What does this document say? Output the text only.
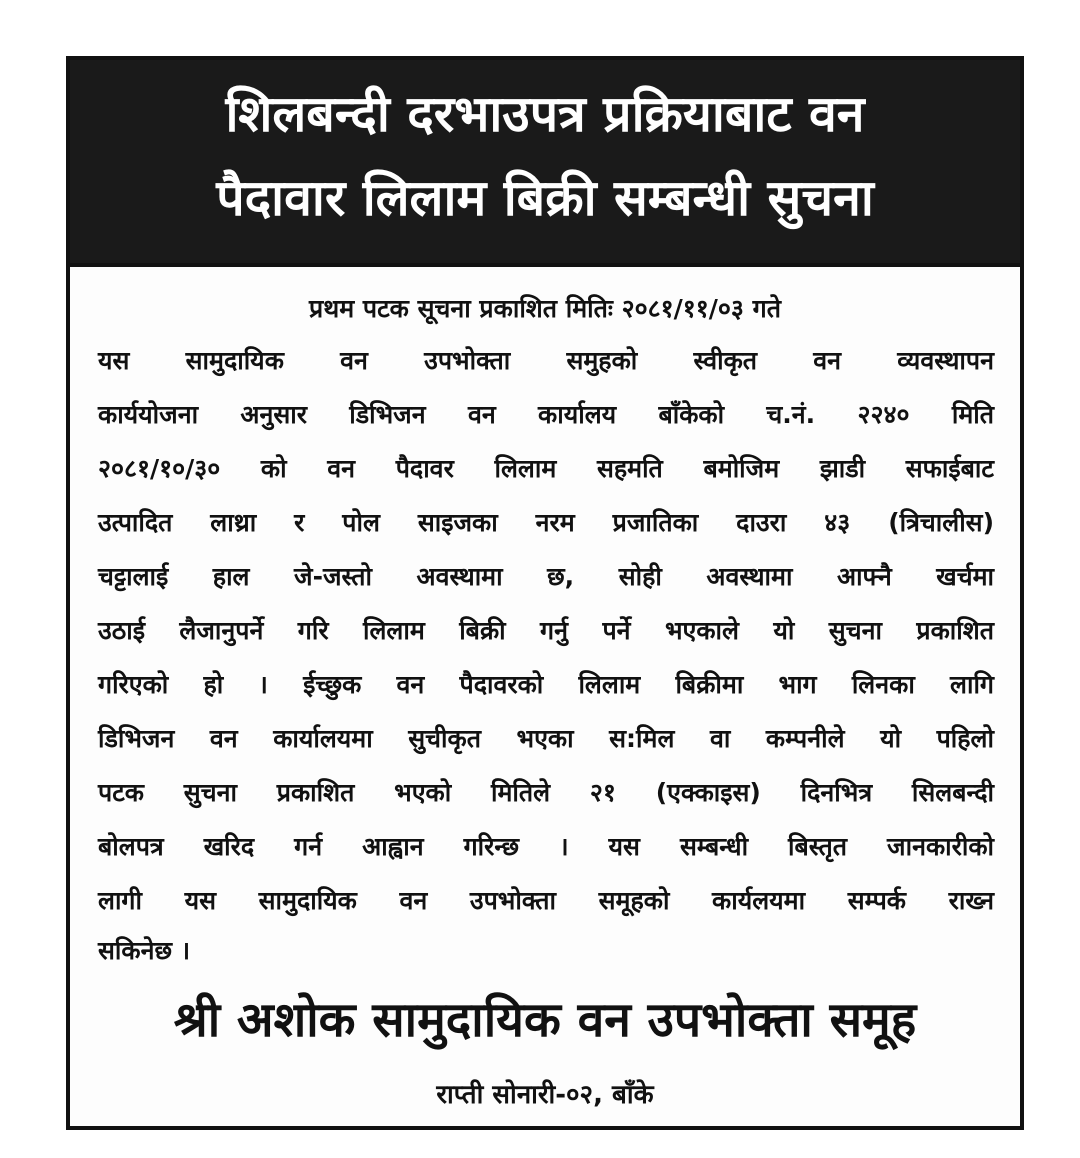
शिलबन्दी दरभाउपत्र प्रक्रियाबाट वन
पैदावार लिलाम बिक्री सम्बन्धी सुचना
प्रथम पटक सूचना प्रकाशित मितिः २०८१/११/०३ गते
यस सामुदायिक वन उपभोक्ता समुहको स्वीकृत वन व्यवस्थापन
कार्ययोजना अनुसार डिभिजन वन कार्यालय बाँकेको च.नं. २२४० मिति
२०८१/१०/३० को वन पैदावर लिलाम सहमति बमोजिम झाडी सफाईबाट
उत्पादित लाथ्रा र पोल साइजका नरम प्रजातिका दाउरा ४३ (त्रिचालीस)
चट्टालाई हाल जे-जस्तो अवस्थामा छ, सोही अवस्थामा आफ्नै खर्चमा
उठाई लैजानुपर्ने गरि लिलाम बिक्री गर्नु पर्ने भएकाले यो सुचना प्रकाशित
गरिएको हो । ईच्छुक वन पैदावरको लिलाम बिक्रीमा भाग लिनका लागि
डिभिजन वन कार्यालयमा सुचीकृत भएका स:मिल वा कम्पनीले यो पहिलो
पटक सुचना प्रकाशित भएको मितिले २१ (एक्काइस) दिनभित्र सिलबन्दी
बोलपत्र खरिद गर्न आह्वान गरिन्छ । यस सम्बन्धी बिस्तृत जानकारीको
लागी यस सामुदायिक वन उपभोक्ता समूहको कार्यलयमा सम्पर्क राख्न
सकिनेछ ।
श्री अशोक सामुदायिक वन उपभोक्ता समूह
राप्ती सोनारी-०२, बाँके
